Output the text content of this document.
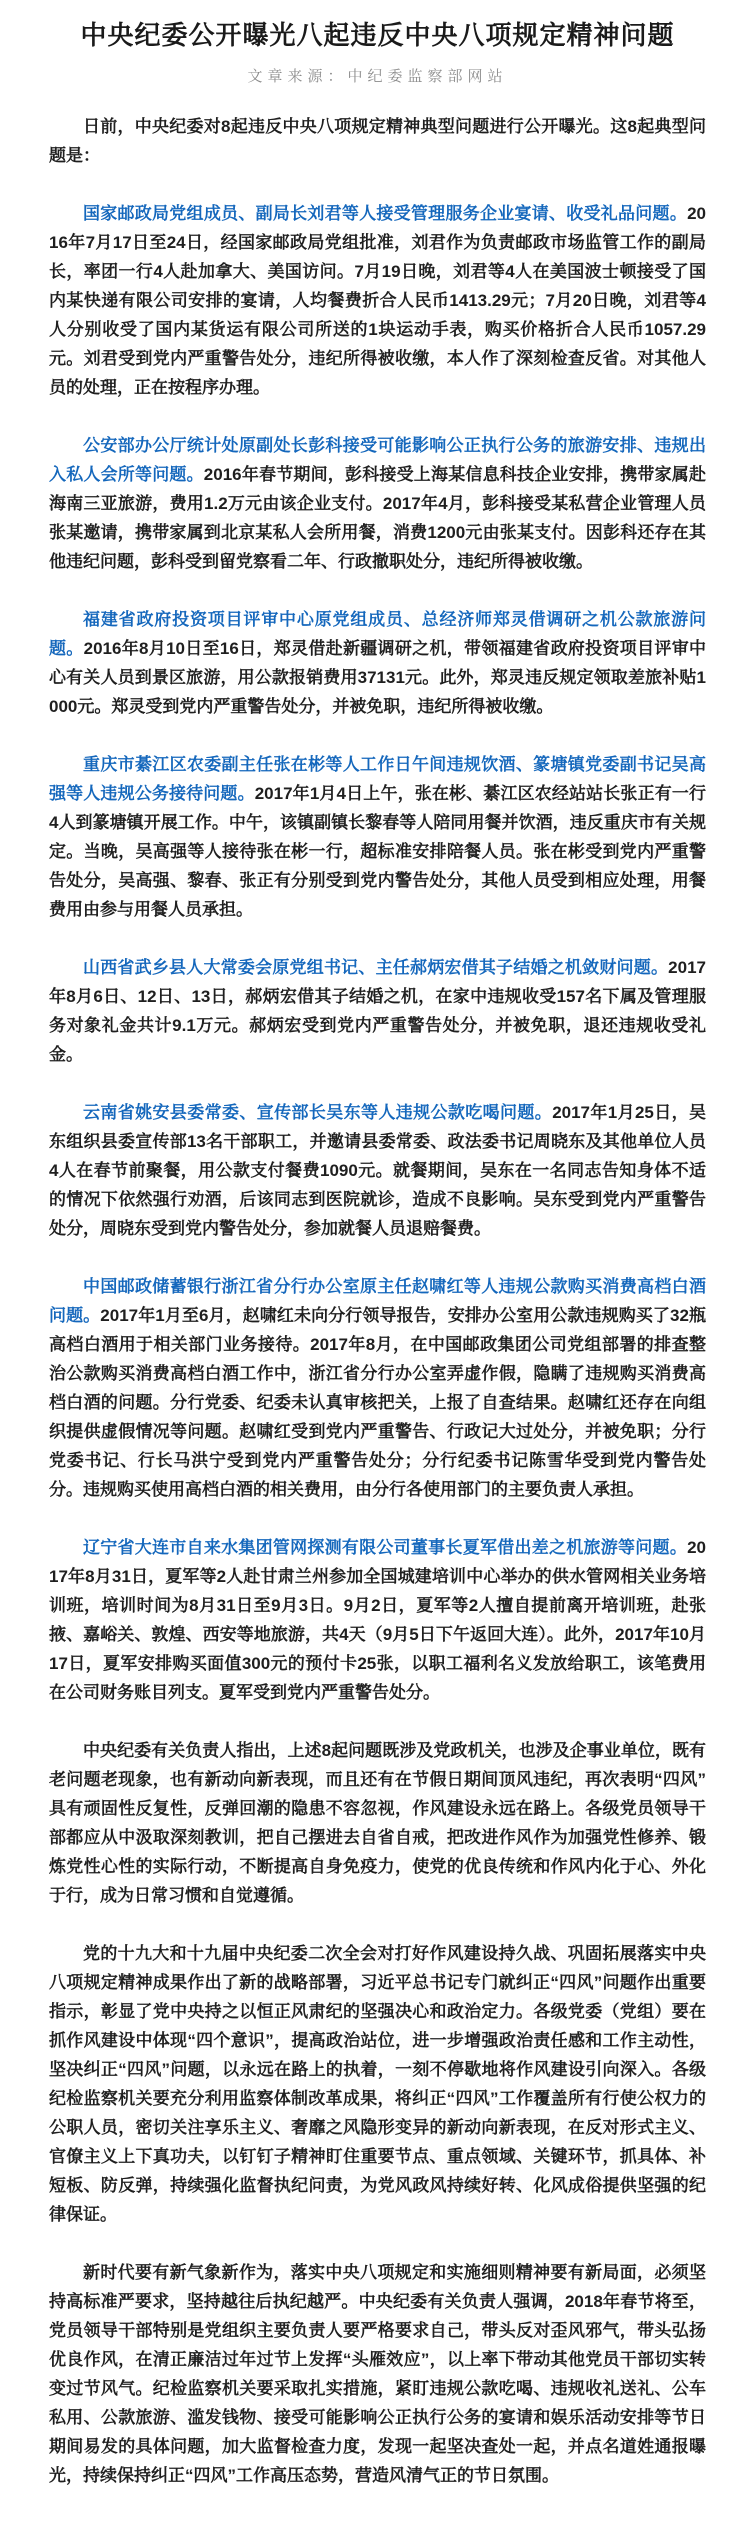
中央纪委公开曝光八起违反中央八项规定精神问题
文章来源：中纪委监察部网站

日前，中央纪委对8起违反中央八项规定精神典型问题进行公开曝光。这8起典型问题是：

国家邮政局党组成员、副局长刘君等人接受管理服务企业宴请、收受礼品问题。2016年7月17日至24日，经国家邮政局党组批准，刘君作为负责邮政市场监管工作的副局长，率团一行4人赴加拿大、美国访问。7月19日晚，刘君等4人在美国波士顿接受了国内某快递有限公司安排的宴请，人均餐费折合人民币1413.29元；7月20日晚，刘君等4人分别收受了国内某货运有限公司所送的1块运动手表，购买价格折合人民币1057.29元。刘君受到党内严重警告处分，违纪所得被收缴，本人作了深刻检查反省。对其他人员的处理，正在按程序办理。

公安部办公厅统计处原副处长彭科接受可能影响公正执行公务的旅游安排、违规出入私人会所等问题。2016年春节期间，彭科接受上海某信息科技企业安排，携带家属赴海南三亚旅游，费用1.2万元由该企业支付。2017年4月，彭科接受某私营企业管理人员张某邀请，携带家属到北京某私人会所用餐，消费1200元由张某支付。因彭科还存在其他违纪问题，彭科受到留党察看二年、行政撤职处分，违纪所得被收缴。

福建省政府投资项目评审中心原党组成员、总经济师郑灵借调研之机公款旅游问题。2016年8月10日至16日，郑灵借赴新疆调研之机，带领福建省政府投资项目评审中心有关人员到景区旅游，用公款报销费用37131元。此外，郑灵违反规定领取差旅补贴1000元。郑灵受到党内严重警告处分，并被免职，违纪所得被收缴。

重庆市綦江区农委副主任张在彬等人工作日午间违规饮酒、篆塘镇党委副书记吴高强等人违规公务接待问题。2017年1月4日上午，张在彬、綦江区农经站站长张正有一行4人到篆塘镇开展工作。中午，该镇副镇长黎春等人陪同用餐并饮酒，违反重庆市有关规定。当晚，吴高强等人接待张在彬一行，超标准安排陪餐人员。张在彬受到党内严重警告处分，吴高强、黎春、张正有分别受到党内警告处分，其他人员受到相应处理，用餐费用由参与用餐人员承担。

山西省武乡县人大常委会原党组书记、主任郝炳宏借其子结婚之机敛财问题。2017年8月6日、12日、13日，郝炳宏借其子结婚之机，在家中违规收受157名下属及管理服务对象礼金共计9.1万元。郝炳宏受到党内严重警告处分，并被免职，退还违规收受礼金。

云南省姚安县委常委、宣传部长吴东等人违规公款吃喝问题。2017年1月25日，吴东组织县委宣传部13名干部职工，并邀请县委常委、政法委书记周晓东及其他单位人员4人在春节前聚餐，用公款支付餐费1090元。就餐期间，吴东在一名同志告知身体不适的情况下依然强行劝酒，后该同志到医院就诊，造成不良影响。吴东受到党内严重警告处分，周晓东受到党内警告处分，参加就餐人员退赔餐费。

中国邮政储蓄银行浙江省分行办公室原主任赵啸红等人违规公款购买消费高档白酒问题。2017年1月至6月，赵啸红未向分行领导报告，安排办公室用公款违规购买了32瓶高档白酒用于相关部门业务接待。2017年8月，在中国邮政集团公司党组部署的排查整治公款购买消费高档白酒工作中，浙江省分行办公室弄虚作假，隐瞒了违规购买消费高档白酒的问题。分行党委、纪委未认真审核把关，上报了自查结果。赵啸红还存在向组织提供虚假情况等问题。赵啸红受到党内严重警告、行政记大过处分，并被免职；分行党委书记、行长马洪宁受到党内严重警告处分；分行纪委书记陈雪华受到党内警告处分。违规购买使用高档白酒的相关费用，由分行各使用部门的主要负责人承担。

辽宁省大连市自来水集团管网探测有限公司董事长夏军借出差之机旅游等问题。2017年8月31日，夏军等2人赴甘肃兰州参加全国城建培训中心举办的供水管网相关业务培训班，培训时间为8月31日至9月3日。9月2日，夏军等2人擅自提前离开培训班，赴张掖、嘉峪关、敦煌、西安等地旅游，共4天（9月5日下午返回大连）。此外，2017年10月17日，夏军安排购买面值300元的预付卡25张，以职工福利名义发放给职工，该笔费用在公司财务账目列支。夏军受到党内严重警告处分。

中央纪委有关负责人指出，上述8起问题既涉及党政机关，也涉及企事业单位，既有老问题老现象，也有新动向新表现，而且还有在节假日期间顶风违纪，再次表明“四风”具有顽固性反复性，反弹回潮的隐患不容忽视，作风建设永远在路上。各级党员领导干部都应从中汲取深刻教训，把自己摆进去自省自戒，把改进作风作为加强党性修养、锻炼党性心性的实际行动，不断提高自身免疫力，使党的优良传统和作风内化于心、外化于行，成为日常习惯和自觉遵循。

党的十九大和十九届中央纪委二次全会对打好作风建设持久战、巩固拓展落实中央八项规定精神成果作出了新的战略部署，习近平总书记专门就纠正“四风”问题作出重要指示，彰显了党中央持之以恒正风肃纪的坚强决心和政治定力。各级党委（党组）要在抓作风建设中体现“四个意识”，提高政治站位，进一步增强政治责任感和工作主动性，坚决纠正“四风”问题，以永远在路上的执着，一刻不停歇地将作风建设引向深入。各级纪检监察机关要充分利用监察体制改革成果，将纠正“四风”工作覆盖所有行使公权力的公职人员，密切关注享乐主义、奢靡之风隐形变异的新动向新表现，在反对形式主义、官僚主义上下真功夫，以钉钉子精神盯住重要节点、重点领域、关键环节，抓具体、补短板、防反弹，持续强化监督执纪问责，为党风政风持续好转、化风成俗提供坚强的纪律保证。

新时代要有新气象新作为，落实中央八项规定和实施细则精神要有新局面，必须坚持高标准严要求，坚持越往后执纪越严。中央纪委有关负责人强调，2018年春节将至，党员领导干部特别是党组织主要负责人要严格要求自己，带头反对歪风邪气，带头弘扬优良作风，在清正廉洁过年过节上发挥“头雁效应”，以上率下带动其他党员干部切实转变过节风气。纪检监察机关要采取扎实措施，紧盯违规公款吃喝、违规收礼送礼、公车私用、公款旅游、滥发钱物、接受可能影响公正执行公务的宴请和娱乐活动安排等节日期间易发的具体问题，加大监督检查力度，发现一起坚决查处一起，并点名道姓通报曝光，持续保持纠正“四风”工作高压态势，营造风清气正的节日氛围。
